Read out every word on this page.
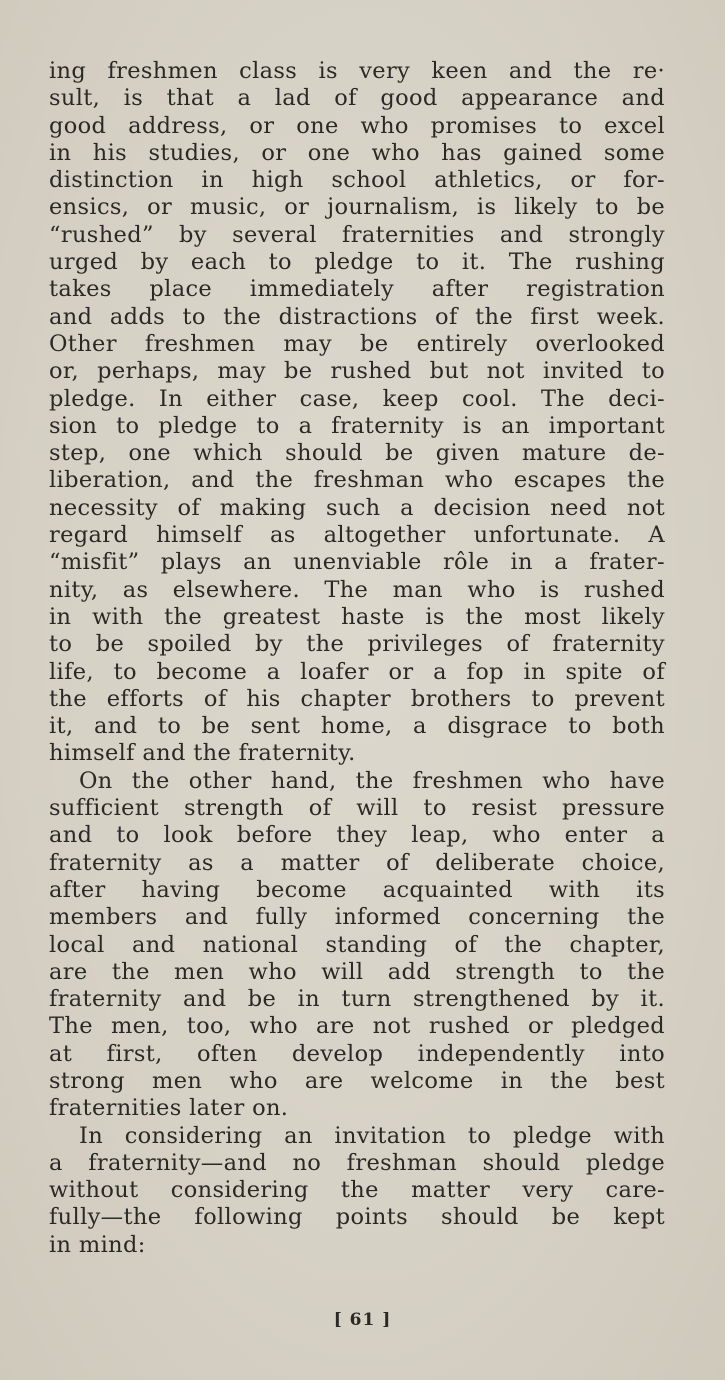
ing freshmen class is very keen and the re·
sult, is that a lad of good appearance and
good address, or one who promises to excel
in his studies, or one who has gained some
distinction in high school athletics, or for-
ensics, or music, or journalism, is likely to be
“rushed” by several fraternities and strongly
urged by each to pledge to it. The rushing
takes place immediately after registration
and adds to the distractions of the first week.
Other freshmen may be entirely overlooked
or, perhaps, may be rushed but not invited to
pledge. In either case, keep cool. The deci-
sion to pledge to a fraternity is an important
step, one which should be given mature de-
liberation, and the freshman who escapes the
necessity of making such a decision need not
regard himself as altogether unfortunate. A
“misfit” plays an unenviable rôle in a frater-
nity, as elsewhere. The man who is rushed
in with the greatest haste is the most likely
to be spoiled by the privileges of fraternity
life, to become a loafer or a fop in spite of
the efforts of his chapter brothers to prevent
it, and to be sent home, a disgrace to both
himself and the fraternity.
On the other hand, the freshmen who have
sufficient strength of will to resist pressure
and to look before they leap, who enter a
fraternity as a matter of deliberate choice,
after having become acquainted with its
members and fully informed concerning the
local and national standing of the chapter,
are the men who will add strength to the
fraternity and be in turn strengthened by it.
The men, too, who are not rushed or pledged
at first, often develop independently into
strong men who are welcome in the best
fraternities later on.
In considering an invitation to pledge with
a fraternity—and no freshman should pledge
without considering the matter very care-
fully—the following points should be kept
in mind:
[ 61 ]
